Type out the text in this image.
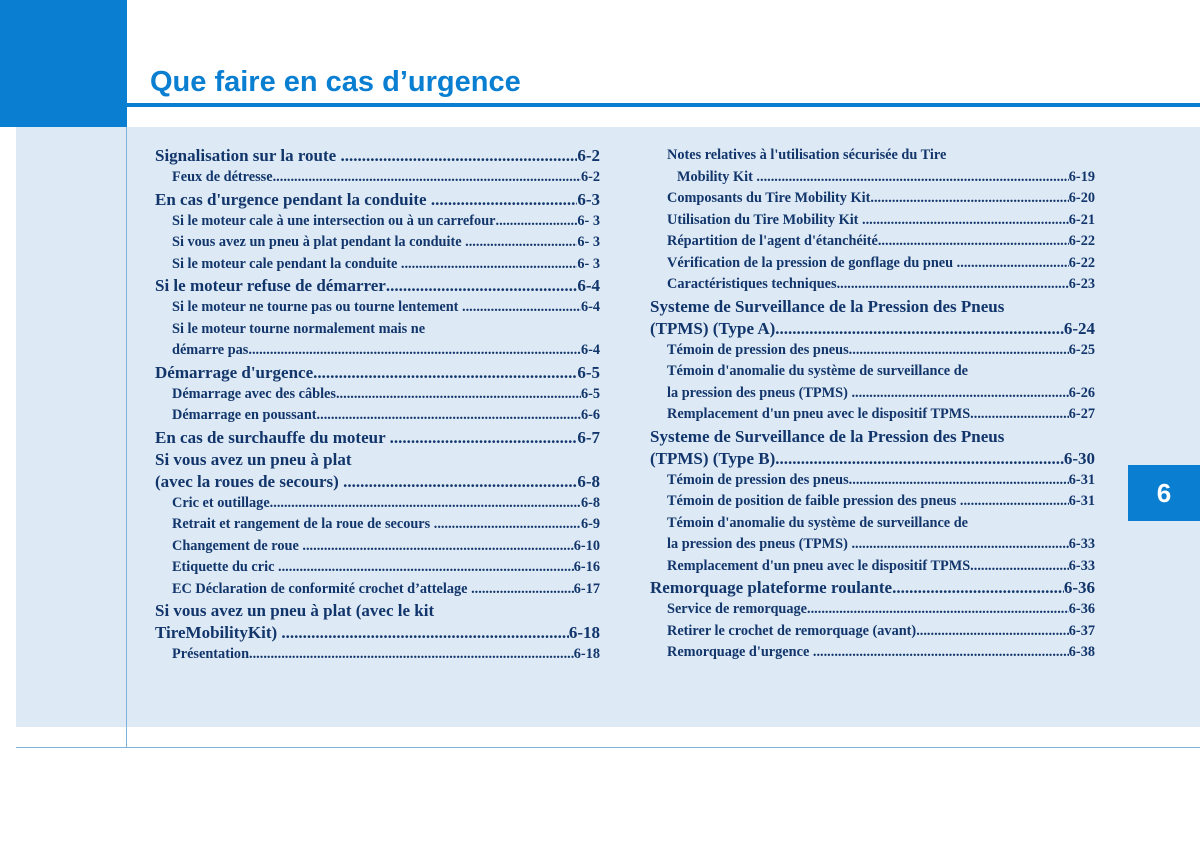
Que faire en cas d’urgence
6
Signalisation sur la route .....	6-2
Feux de détresse .....	6-2
En cas d'urgence pendant la conduite .....	6-3
Si le moteur cale à une intersection ou à un carrefour .....	6- 3
Si vous avez un pneu à plat pendant la conduite .....	6- 3
Si le moteur cale pendant la conduite .....	6- 3
Si le moteur refuse de démarrer .....	6-4
Si le moteur ne tourne pas ou tourne lentement .....	6-4
Si le moteur tourne normalement mais ne
démarre pas .....	6-4
Démarrage d'urgence .....	6-5
Démarrage avec des câbles .....	6-5
Démarrage en poussant .....	6-6
En cas de surchauffe du moteur .....	6-7
Si vous avez un pneu à plat
(avec la roues de secours) .....	6-8
Cric et outillage .....	6-8
Retrait et rangement de la roue de secours .....	6-9
Changement de roue .....	6-10
Etiquette du cric .....	6-16
EC Déclaration de conformité crochet d’attelage .....	6-17
Si vous avez un pneu à plat (avec le kit
TireMobilityKit) .....	6-18
Présentation .....	6-18
Notes relatives à l'utilisation sécurisée du Tire
Mobility Kit .....	6-19
Composants du Tire Mobility Kit .....	6-20
Utilisation du Tire Mobility Kit .....	6-21
Répartition de l'agent d'étanchéité .....	6-22
Vérification de la pression de gonflage du pneu .....	6-22
Caractéristiques techniques .....	6-23
Systeme de Surveillance de la Pression des Pneus
(TPMS) (Type A) .....	6-24
Témoin de pression des pneus .....	6-25
Témoin d'anomalie du système de surveillance de
la pression des pneus (TPMS) .....	6-26
Remplacement d'un pneu avec le dispositif TPMS .....	6-27
Systeme de Surveillance de la Pression des Pneus
(TPMS) (Type B) .....	6-30
Témoin de pression des pneus .....	6-31
Témoin de position de faible pression des pneus .....	6-31
Témoin d'anomalie du système de surveillance de
la pression des pneus (TPMS) .....	6-33
Remplacement d'un pneu avec le dispositif TPMS .....	6-33
Remorquage plateforme roulante .....	6-36
Service de remorquage .....	6-36
Retirer le crochet de remorquage (avant) .....	6-37
Remorquage d'urgence .....	6-38
